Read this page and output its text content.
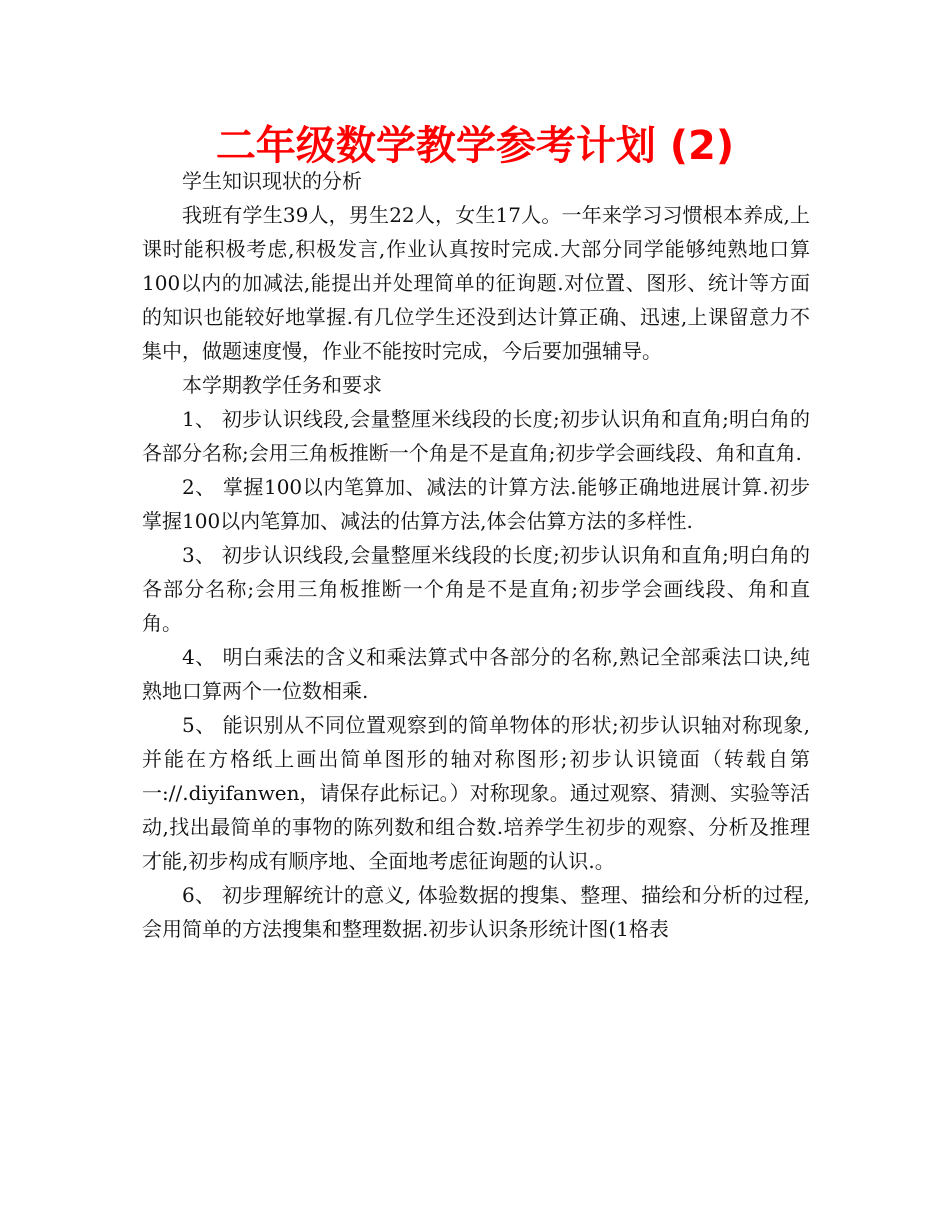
二年级数学教学参考计划 (2)

学生知识现状的分析

我班有学生39人，男生22人，女生17人。一年来学习习惯根本养成,上课时能积极考虑,积极发言,作业认真按时完成.大部分同学能够纯熟地口算100以内的加减法,能提出并处理简单的征询题.对位置、图形、统计等方面的知识也能较好地掌握.有几位学生还没到达计算正确、迅速,上课留意力不集中，做题速度慢，作业不能按时完成，今后要加强辅导。

本学期教学任务和要求

1、 初步认识线段,会量整厘米线段的长度;初步认识角和直角;明白角的各部分名称;会用三角板推断一个角是不是直角;初步学会画线段、角和直角.

2、 掌握100以内笔算加、减法的计算方法.能够正确地进展计算.初步掌握100以内笔算加、减法的估算方法,体会估算方法的多样性.

3、 初步认识线段,会量整厘米线段的长度;初步认识角和直角;明白角的各部分名称;会用三角板推断一个角是不是直角;初步学会画线段、角和直角。

4、 明白乘法的含义和乘法算式中各部分的名称,熟记全部乘法口诀,纯熟地口算两个一位数相乘.

5、 能识别从不同位置观察到的简单物体的形状;初步认识轴对称现象,并能在方格纸上画出简单图形的轴对称图形;初步认识镜面（转载自第一://.diyifanwen，请保存此标记。）对称现象。通过观察、猜测、实验等活动,找出最简单的事物的陈列数和组合数.培养学生初步的观察、分析及推理才能,初步构成有顺序地、全面地考虑征询题的认识.。

6、 初步理解统计的意义, 体验数据的搜集、整理、描绘和分析的过程,会用简单的方法搜集和整理数据.初步认识条形统计图(1格表
